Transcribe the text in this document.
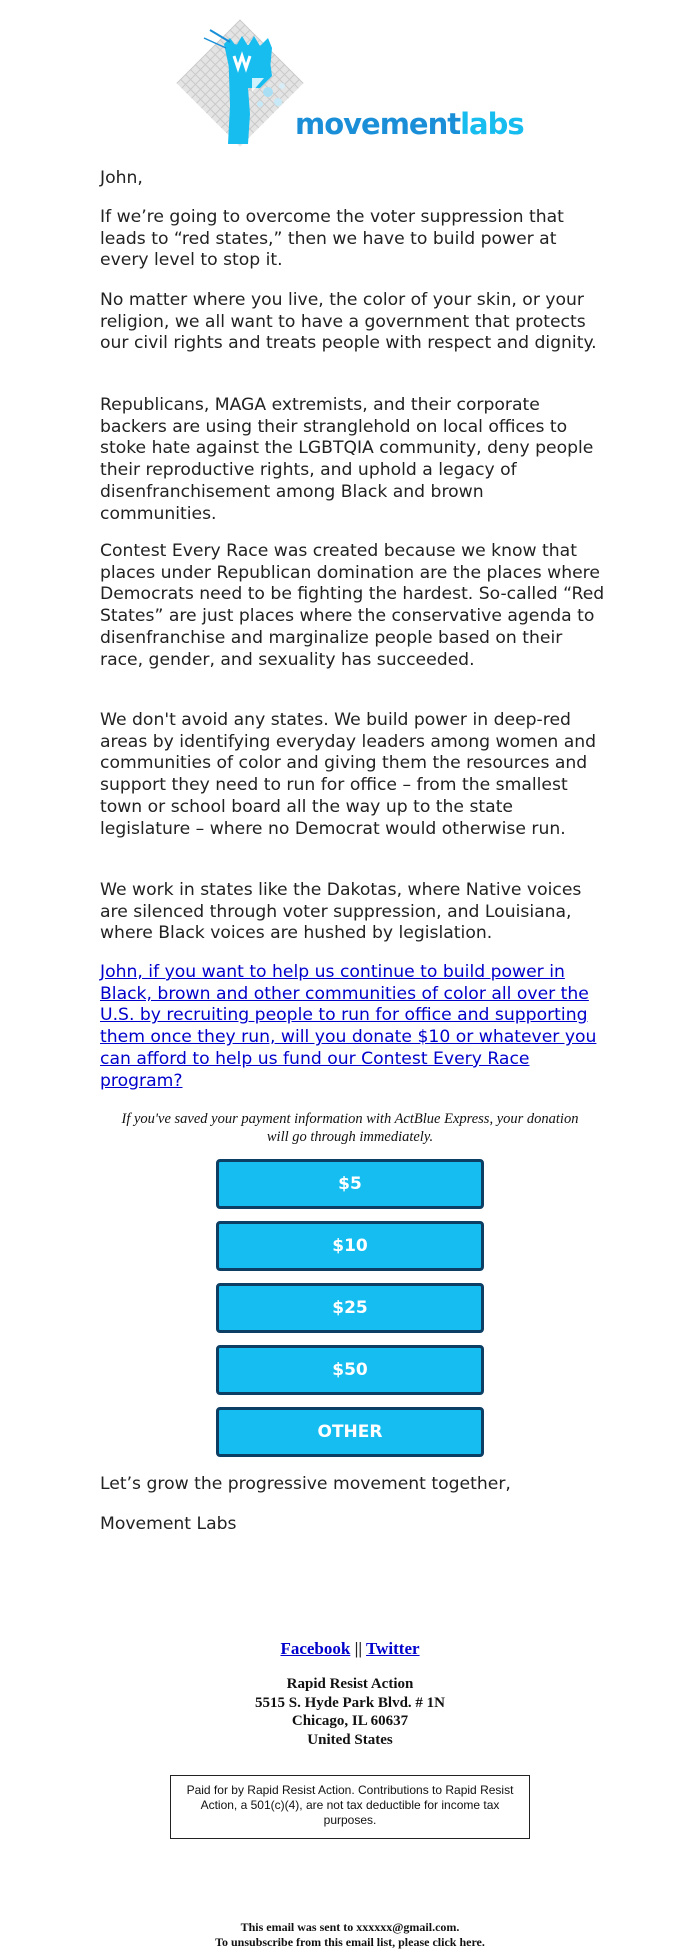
movementlabs

John,

If we’re going to overcome the voter suppression that leads to “red states,” then we have to build power at every level to stop it.

No matter where you live, the color of your skin, or your religion, we all want to have a government that protects our civil rights and treats people with respect and dignity.

Republicans, MAGA extremists, and their corporate backers are using their stranglehold on local offices to stoke hate against the LGBTQIA community, deny people their reproductive rights, and uphold a legacy of disenfranchisement among Black and brown communities.

Contest Every Race was created because we know that places under Republican domination are the places where Democrats need to be fighting the hardest. So-called “Red States” are just places where the conservative agenda to disenfranchise and marginalize people based on their race, gender, and sexuality has succeeded.

We don't avoid any states. We build power in deep-red areas by identifying everyday leaders among women and communities of color and giving them the resources and support they need to run for office – from the smallest town or school board all the way up to the state legislature – where no Democrat would otherwise run.

We work in states like the Dakotas, where Native voices are silenced through voter suppression, and Louisiana, where Black voices are hushed by legislation.

John, if you want to help us continue to build power in Black, brown and other communities of color all over the U.S. by recruiting people to run for office and supporting them once they run, will you donate $10 or whatever you can afford to help us fund our Contest Every Race program?

If you've saved your payment information with ActBlue Express, your donation will go through immediately.

$5
$10
$25
$50
OTHER

Let’s grow the progressive movement together,

Movement Labs

Facebook || Twitter
Rapid Resist Action
5515 S. Hyde Park Blvd. # 1N
Chicago, IL 60637
United States
Paid for by Rapid Resist Action. Contributions to Rapid Resist Action, a 501(c)(4), are not tax deductible for income tax purposes.
This email was sent to xxxxxx@gmail.com.
To unsubscribe from this email list, please click here.
